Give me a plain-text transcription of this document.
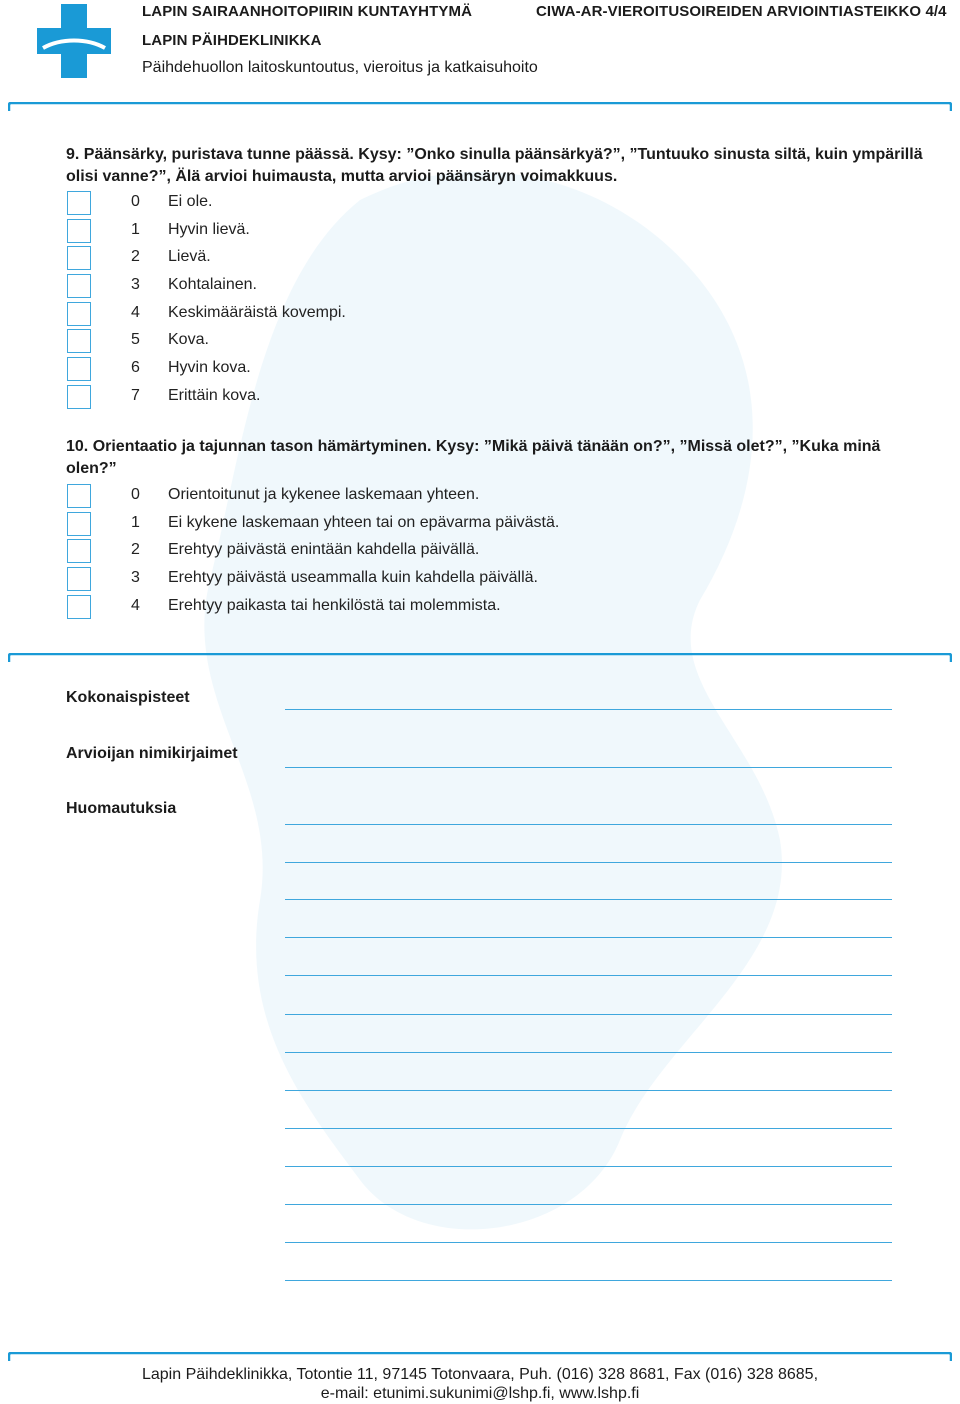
LAPIN SAIRAANHOITOPIIRIN KUNTAYHTYMÄ
LAPIN PÄIHDEKLINIKKA
Päihdehuollon laitoskuntoutus, vieroitus ja katkaisuhoito
CIWA-AR-VIEROITUSOIREIDEN ARVIOINTIASTEIKKO 4/4
9. Päänsärky, puristava tunne päässä. Kysy: ”Onko sinulla päänsärkyä?”, ”Tuntuuko sinusta siltä, kuin ympärillä
olisi vanne?”, Älä arvioi huimausta, mutta arvioi päänsäryn voimakkuus.
0 Ei ole.
1 Hyvin lievä.
2 Lievä.
3 Kohtalainen.
4 Keskimääräistä kovempi.
5 Kova.
6 Hyvin kova.
7 Erittäin kova.
10. Orientaatio ja tajunnan tason hämärtyminen. Kysy: ”Mikä päivä tänään on?”, ”Missä olet?”, ”Kuka minä
olen?”
0 Orientoitunut ja kykenee laskemaan yhteen.
1 Ei kykene laskemaan yhteen tai on epävarma päivästä.
2 Erehtyy päivästä enintään kahdella päivällä.
3 Erehtyy päivästä useammalla kuin kahdella päivällä.
4 Erehtyy paikasta tai henkilöstä tai molemmista.
Kokonaispisteet
Arvioijan nimikirjaimet
Huomautuksia
Lapin Päihdeklinikka, Totontie 11, 97145 Totonvaara, Puh. (016) 328 8681, Fax (016) 328 8685,
e-mail: etunimi.sukunimi@lshp.fi, www.lshp.fi
